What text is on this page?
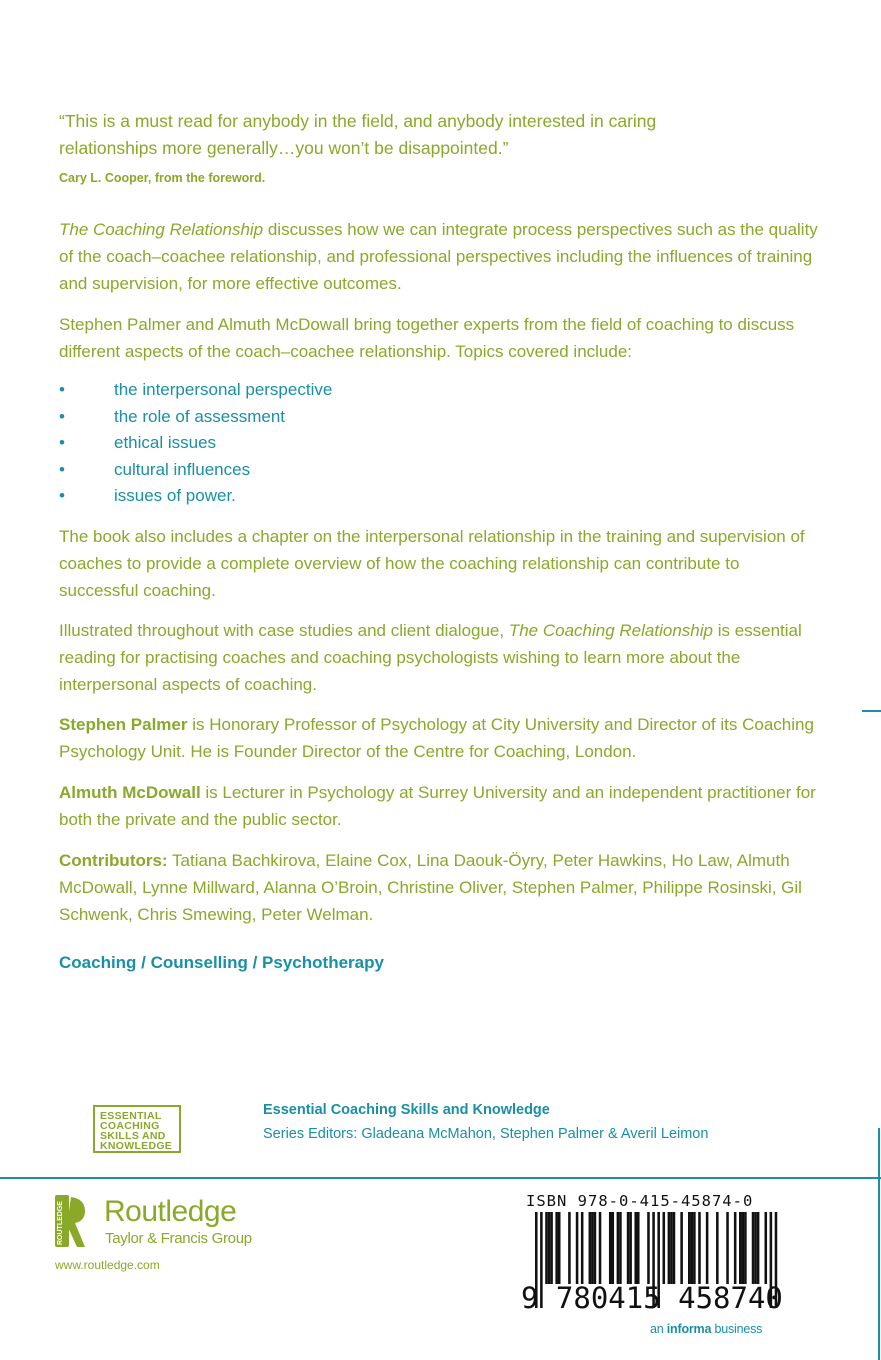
“This is a must read for anybody in the field, and anybody interested in caring
relationships more generally…you won’t be disappointed.”
Cary L. Cooper, from the foreword.
The Coaching Relationship discusses how we can integrate process perspectives such as the quality of the coach–coachee relationship, and professional perspectives including the influences of training and supervision, for more effective outcomes.
Stephen Palmer and Almuth McDowall bring together experts from the field of coaching to discuss different aspects of the coach–coachee relationship. Topics covered include:
•	the interpersonal perspective
•	the role of assessment
•	ethical issues
•	cultural influences
•	issues of power.
The book also includes a chapter on the interpersonal relationship in the training and supervision of coaches to provide a complete overview of how the coaching relationship can contribute to successful coaching.
Illustrated throughout with case studies and client dialogue, The Coaching Relationship is essential reading for practising coaches and coaching psychologists wishing to learn more about the interpersonal aspects of coaching.
Stephen Palmer is Honorary Professor of Psychology at City University and Director of its Coaching Psychology Unit. He is Founder Director of the Centre for Coaching, London.
Almuth McDowall is Lecturer in Psychology at Surrey University and an independent practitioner for both the private and the public sector.
Contributors: Tatiana Bachkirova, Elaine Cox, Lina Daouk-Öyry, Peter Hawkins, Ho Law, Almuth McDowall, Lynne Millward, Alanna O’Broin, Christine Oliver, Stephen Palmer, Philippe Rosinski, Gil Schwenk, Chris Smewing, Peter Welman.
Coaching / Counselling / Psychotherapy
ESSENTIAL
COACHING
SKILLS AND
KNOWLEDGE
Essential Coaching Skills and Knowledge
Series Editors: Gladeana McMahon, Stephen Palmer & Averil Leimon
ROUTLEDGE Routledge
Taylor & Francis Group
www.routledge.com
ISBN 978-0-415-45874-0
9 780415 458740
an informa business
